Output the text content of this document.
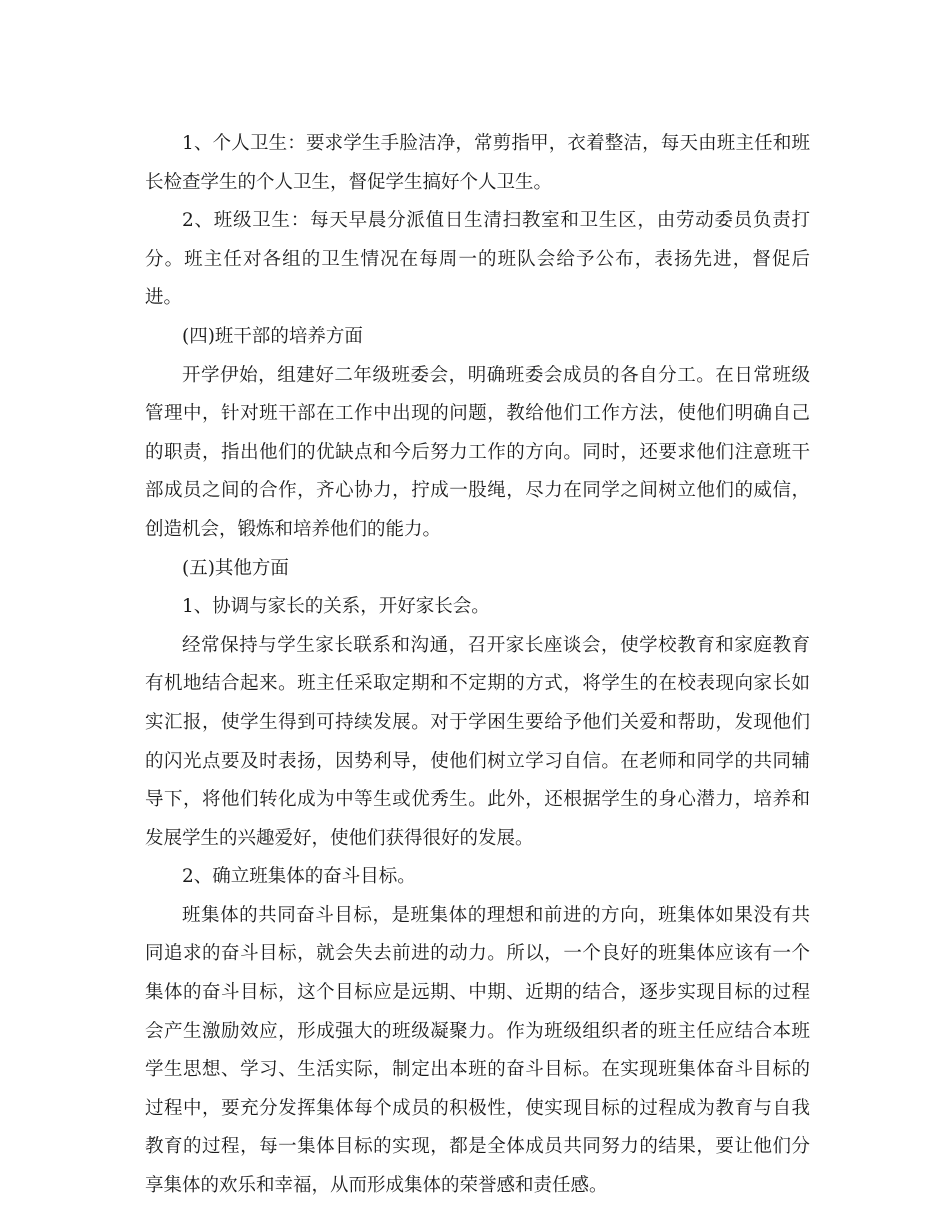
1、个人卫生：要求学生手脸洁净，常剪指甲，衣着整洁，每天由班主任和班长检查学生的个人卫生，督促学生搞好个人卫生。

2、班级卫生：每天早晨分派值日生清扫教室和卫生区，由劳动委员负责打分。班主任对各组的卫生情况在每周一的班队会给予公布，表扬先进，督促后进。

(四)班干部的培养方面

开学伊始，组建好二年级班委会，明确班委会成员的各自分工。在日常班级管理中，针对班干部在工作中出现的问题，教给他们工作方法，使他们明确自己的职责，指出他们的优缺点和今后努力工作的方向。同时，还要求他们注意班干部成员之间的合作，齐心协力，拧成一股绳，尽力在同学之间树立他们的威信，创造机会，锻炼和培养他们的能力。

(五)其他方面

1、协调与家长的关系，开好家长会。

经常保持与学生家长联系和沟通，召开家长座谈会，使学校教育和家庭教育有机地结合起来。班主任采取定期和不定期的方式，将学生的在校表现向家长如实汇报，使学生得到可持续发展。对于学困生要给予他们关爱和帮助，发现他们的闪光点要及时表扬，因势利导，使他们树立学习自信。在老师和同学的共同辅导下，将他们转化成为中等生或优秀生。此外，还根据学生的身心潜力，培养和发展学生的兴趣爱好，使他们获得很好的发展。

2、确立班集体的奋斗目标。

班集体的共同奋斗目标，是班集体的理想和前进的方向，班集体如果没有共同追求的奋斗目标，就会失去前进的动力。所以，一个良好的班集体应该有一个集体的奋斗目标，这个目标应是远期、中期、近期的结合，逐步实现目标的过程会产生激励效应，形成强大的班级凝聚力。作为班级组织者的班主任应结合本班学生思想、学习、生活实际，制定出本班的奋斗目标。在实现班集体奋斗目标的过程中，要充分发挥集体每个成员的积极性，使实现目标的过程成为教育与自我教育的过程，每一集体目标的实现，都是全体成员共同努力的结果，要让他们分享集体的欢乐和幸福，从而形成集体的荣誉感和责任感。
